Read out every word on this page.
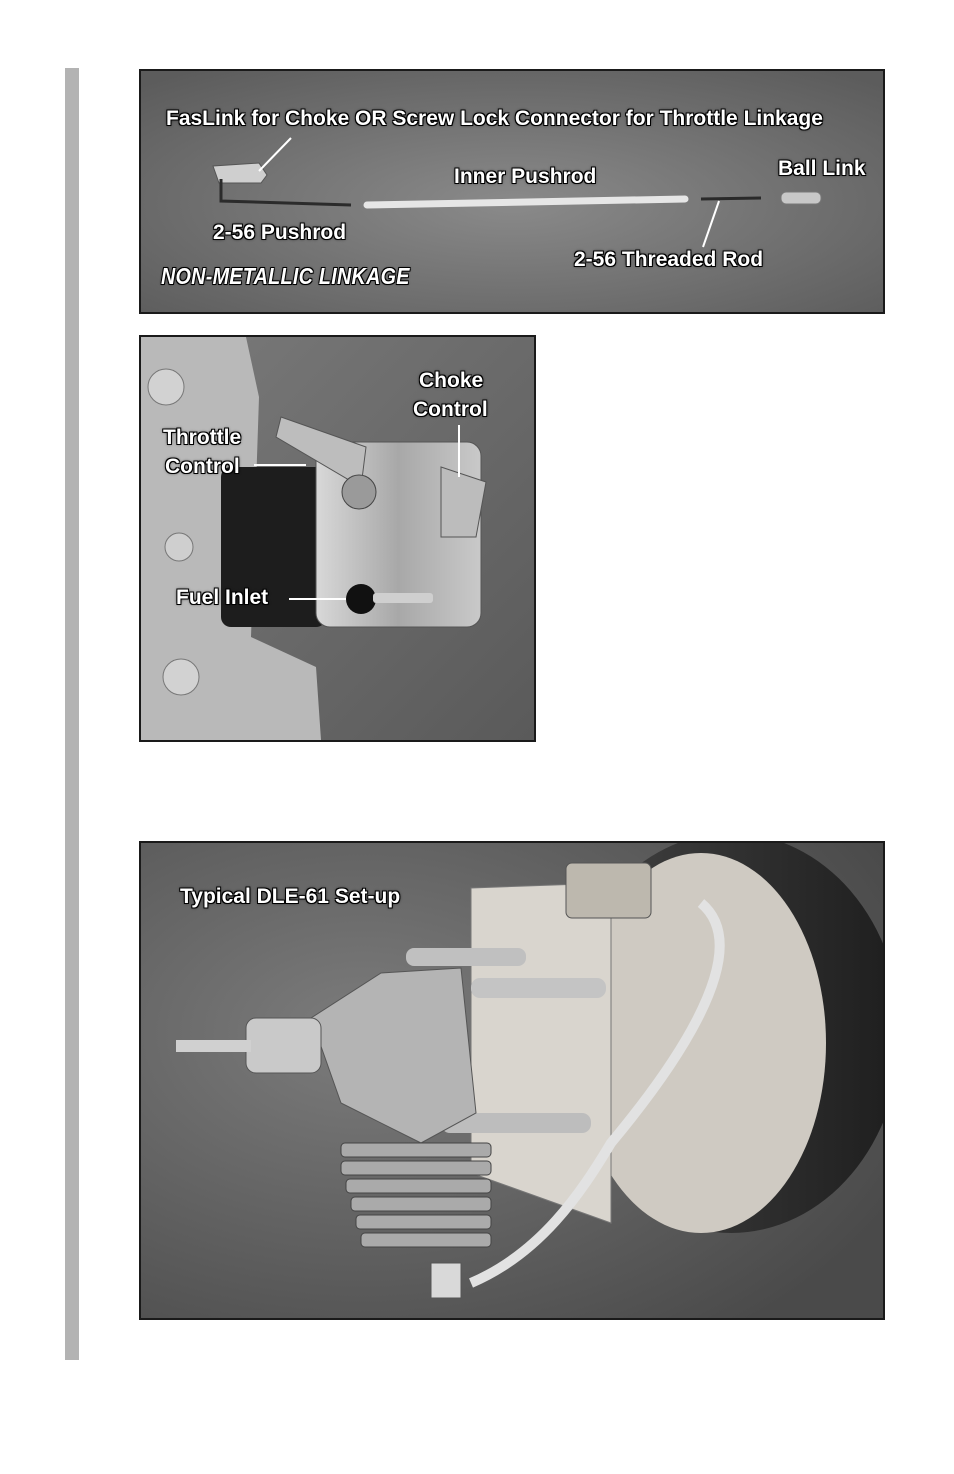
FasLink for Choke OR Screw Lock Connector for Throttle Linkage
Inner Pushrod	Ball Link
2-56 Pushrod
2-56 Threaded Rod
NON-METALLIC LINKAGE
Choke
Control
Throttle
Control
Fuel Inlet
Typical DLE-61 Set-up
